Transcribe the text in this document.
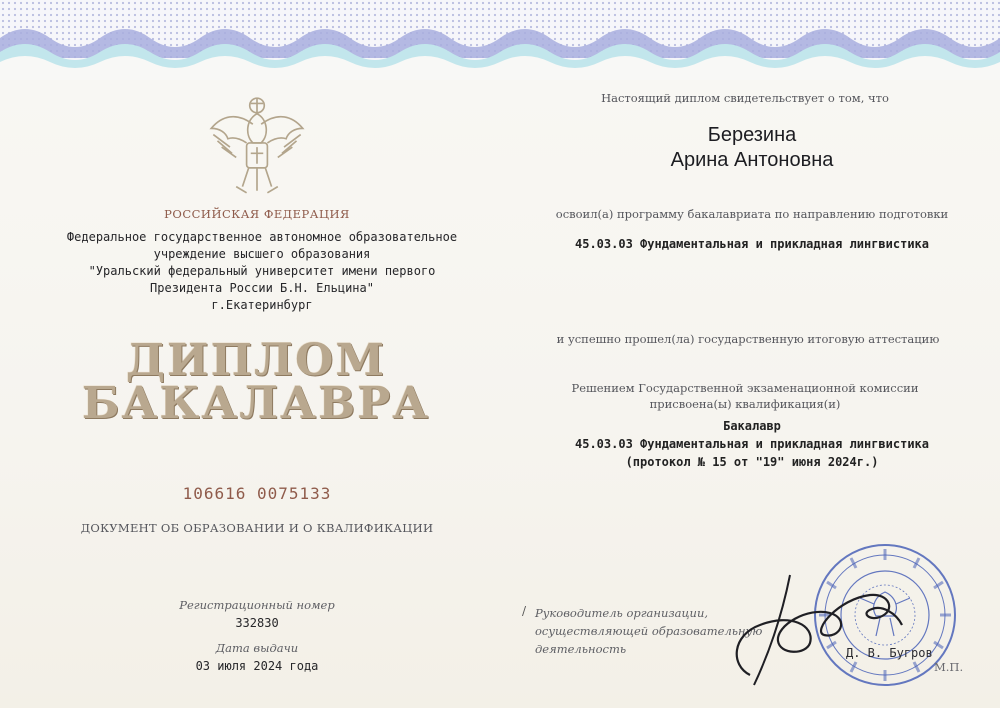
РОССИЙСКАЯ ФЕДЕРАЦИЯ
Федеральное государственное автономное образовательное
учреждение высшего образования
"Уральский федеральный университет имени первого
Президента России Б.Н. Ельцина"
г.Екатеринбург
ДИПЛОМ
БАКАЛАВРА
106616 0075133
ДОКУМЕНТ ОБ ОБРАЗОВАНИИ И О КВАЛИФИКАЦИИ
Регистрационный номер
332830
Дата выдачи
03 июля 2024 года
Настоящий диплом свидетельствует о том, что
Березина
Арина Антоновна
освоил(а) программу бакалавриата по направлению подготовки
45.03.03 Фундаментальная и прикладная лингвистика
и успешно прошел(ла) государственную итоговую аттестацию
Решением Государственной экзаменационной комиссии
присвоена(ы) квалификация(и)
Бакалавр
45.03.03 Фундаментальная и прикладная лингвистика
(протокол № 15 от "19" июня 2024г.)
/ Руководитель организации,
осуществляющей образовательную
деятельность	Д. В. Бугров
М.П.
